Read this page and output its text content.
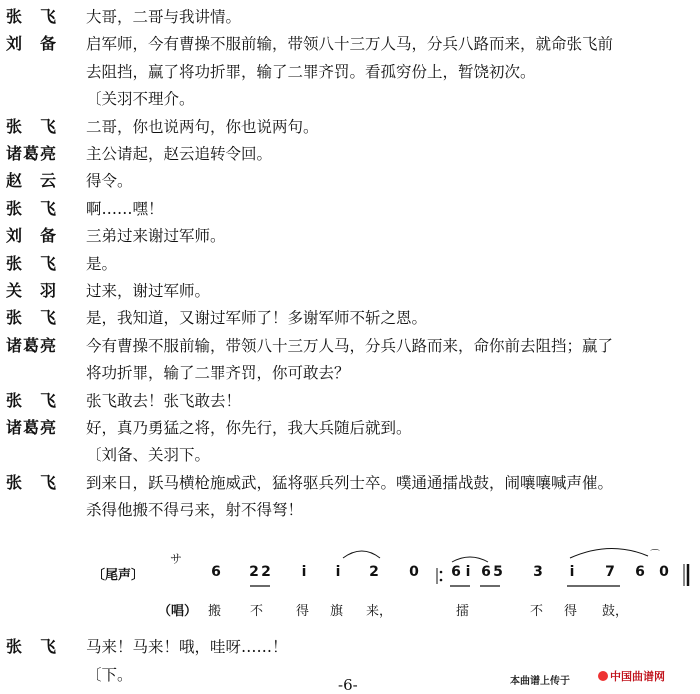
张　飞	大哥，二哥与我讲情。
刘　备	启军师，今有曹操不服前输，带领八十三万人马，分兵八路而来，就命张飞前
去阻挡，赢了将功折罪，输了二罪齐罚。看孤穷份上，暂饶初次。
〔关羽不理介。
张　飞	二哥，你也说两句，你也说两句。
诸葛亮	主公请起，赵云追转令回。
赵　云	得令。
张　飞	啊……嘿！
刘　备	三弟过来谢过军师。
张　飞	是。
关　羽	过来，谢过军师。
张　飞	是，我知道，又谢过军师了！多谢军师不斩之恩。
诸葛亮	今有曹操不服前输，带领八十三万人马，分兵八路而来，命你前去阻挡；赢了
将功折罪，输了二罪齐罚，你可敢去？
张　飞	张飞敢去！张飞敢去！
诸葛亮	好，真乃勇猛之将，你先行，我大兵随后就到。
〔刘备、关羽下。
张　飞	到来日，跃马横枪施威武，猛将驱兵列士卒。噗通通擂战鼓，闹嚷嚷喊声催。
杀得他搬不得弓来，射不得弩！
〔尾声〕
サ	⌒
6 2 2	i	i	2 0 6 i 6 5 3	i	7 6 0
（唱） 搬 不	得 旗 来，	擂	不 得 鼓，
张　飞	马来！马来！哦，哇呀……！
〔下。	本曲谱上传于	中国曲谱网
-6-
